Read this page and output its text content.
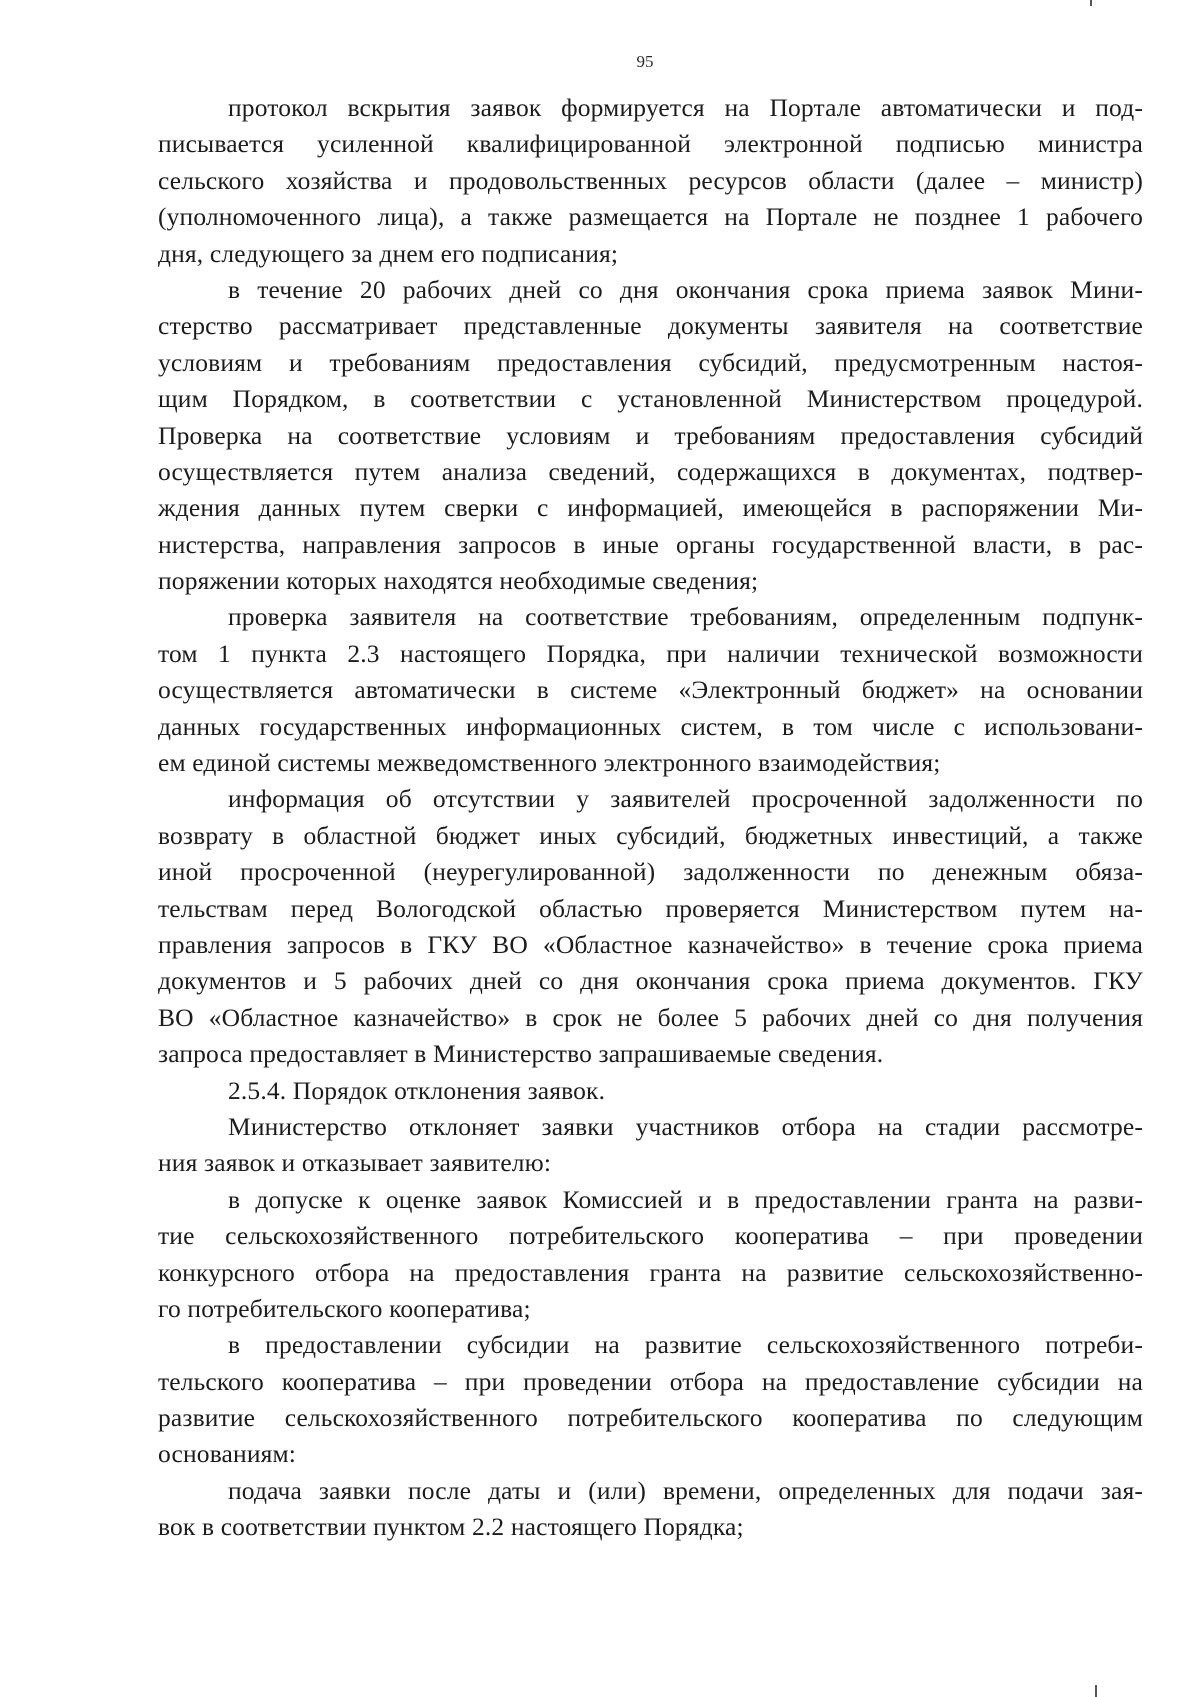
95
протокол вскрытия заявок формируется на Портале автоматически и под-
писывается усиленной квалифицированной электронной подписью министра
сельского хозяйства и продовольственных ресурсов области (далее – министр)
(уполномоченного лица), а также размещается на Портале не позднее 1 рабочего
дня, следующего за днем его подписания;
в течение 20 рабочих дней со дня окончания срока приема заявок Мини-
стерство рассматривает представленные документы заявителя на соответствие
условиям и требованиям предоставления субсидий, предусмотренным настоя-
щим Порядком, в соответствии с установленной Министерством процедурой.
Проверка на соответствие условиям и требованиям предоставления субсидий
осуществляется путем анализа сведений, содержащихся в документах, подтвер-
ждения данных путем сверки с информацией, имеющейся в распоряжении Ми-
нистерства, направления запросов в иные органы государственной власти, в рас-
поряжении которых находятся необходимые сведения;
проверка заявителя на соответствие требованиям, определенным подпунк-
том 1 пункта 2.3 настоящего Порядка, при наличии технической возможности
осуществляется автоматически в системе «Электронный бюджет» на основании
данных государственных информационных систем, в том числе с использовани-
ем единой системы межведомственного электронного взаимодействия;
информация об отсутствии у заявителей просроченной задолженности по
возврату в областной бюджет иных субсидий, бюджетных инвестиций, а также
иной просроченной (неурегулированной) задолженности по денежным обяза-
тельствам перед Вологодской областью проверяется Министерством путем на-
правления запросов в ГКУ ВО «Областное казначейство» в течение срока приема
документов и 5 рабочих дней со дня окончания срока приема документов. ГКУ
ВО «Областное казначейство» в срок не более 5 рабочих дней со дня получения
запроса предоставляет в Министерство запрашиваемые сведения.
2.5.4. Порядок отклонения заявок.
Министерство отклоняет заявки участников отбора на стадии рассмотре-
ния заявок и отказывает заявителю:
в допуске к оценке заявок Комиссией и в предоставлении гранта на разви-
тие сельскохозяйственного потребительского кооператива – при проведении
конкурсного отбора на предоставления гранта на развитие сельскохозяйственно-
го потребительского кооператива;
в предоставлении субсидии на развитие сельскохозяйственного потреби-
тельского кооператива – при проведении отбора на предоставление субсидии на
развитие сельскохозяйственного потребительского кооператива по следующим
основаниям:
подача заявки после даты и (или) времени, определенных для подачи зая-
вок в соответствии пунктом 2.2 настоящего Порядка;
